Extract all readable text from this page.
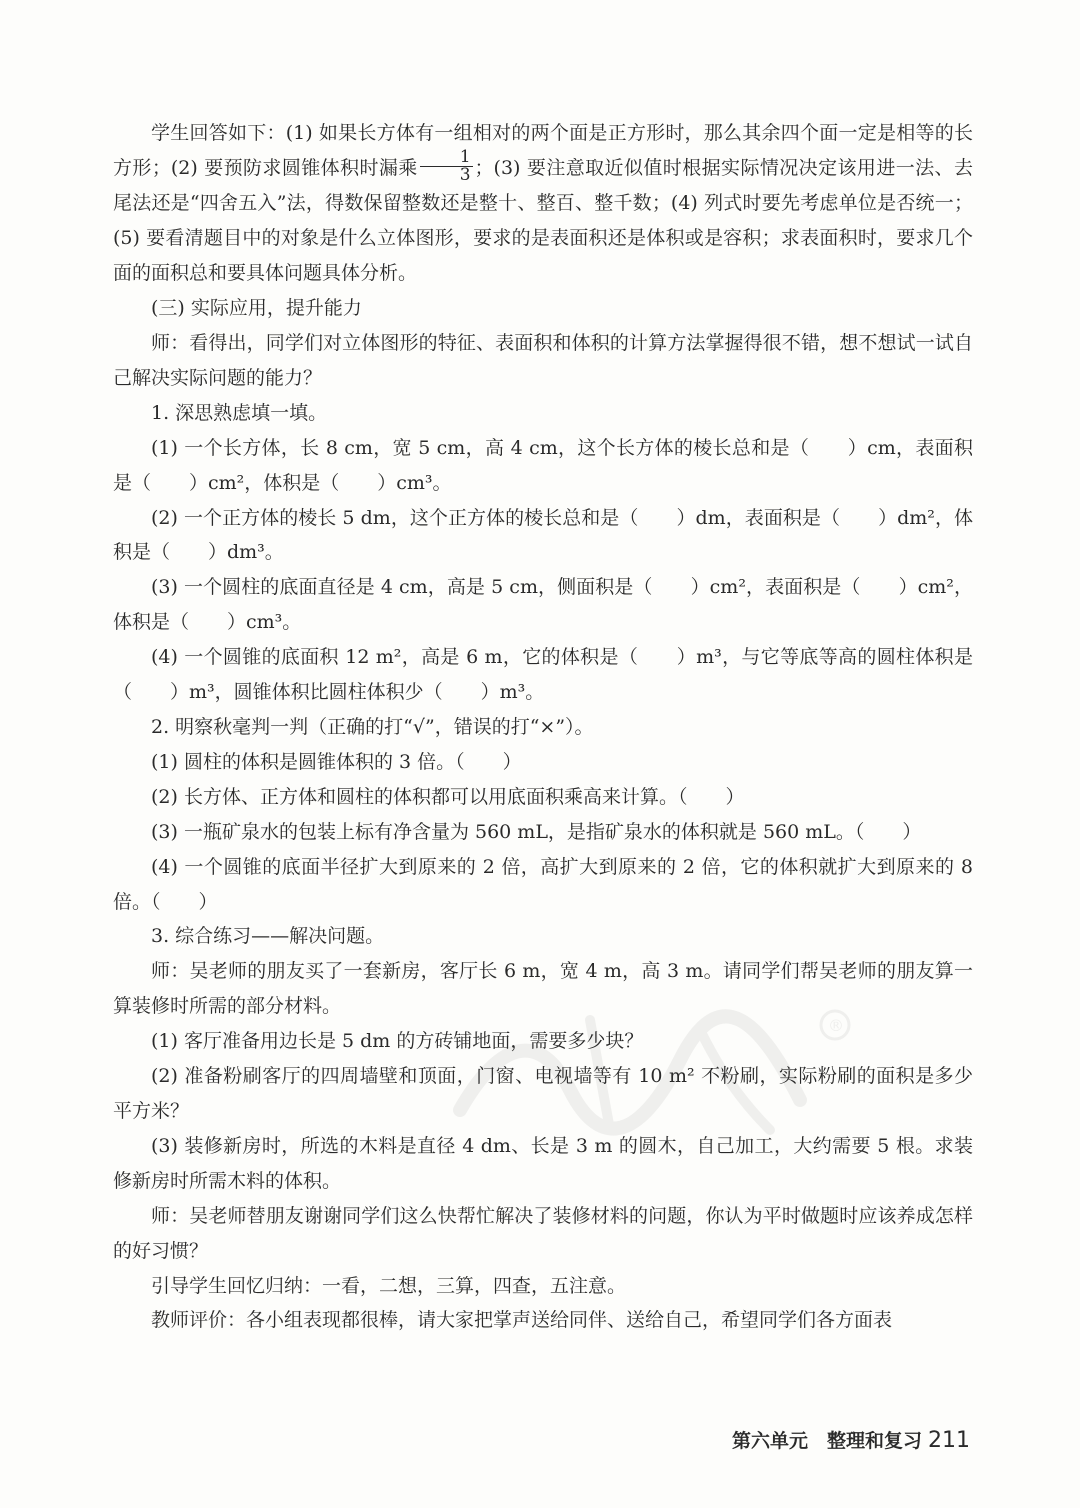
®

学生回答如下：(1) 如果长方体有一组相对的两个面是正方形时，那么其余四个面一定是相等的长方形；(2) 要预防求圆锥体积时漏乘 $\frac{1}{3}$ ；(3) 要注意取近似值时根据实际情况决定该用进一法、去尾法还是“四舍五入”法，得数保留整数还是整十、整百、整千数；(4) 列式时要先考虑单位是否统一；(5) 要看清题目中的对象是什么立体图形，要求的是表面积还是体积或是容积；求表面积时，要求几个面的面积总和要具体问题具体分析。

(三) 实际应用，提升能力

师：看得出，同学们对立体图形的特征、表面积和体积的计算方法掌握得很不错，想不想试一试自己解决实际问题的能力？

1. 深思熟虑填一填。

(1) 一个长方体，长 8 cm，宽 5 cm，高 4 cm，这个长方体的棱长总和是（　　）cm，表面积是（　　）cm²，体积是（　　）cm³。

(2) 一个正方体的棱长 5 dm，这个正方体的棱长总和是（　　）dm，表面积是（　　）dm²，体积是（　　）dm³。

(3) 一个圆柱的底面直径是 4 cm，高是 5 cm，侧面积是（　　）cm²，表面积是（　　）cm²，体积是（　　）cm³。

(4) 一个圆锥的底面积 12 m²，高是 6 m，它的体积是（　　）m³，与它等底等高的圆柱体积是（　　）m³，圆锥体积比圆柱体积少（　　）m³。

2. 明察秋毫判一判（正确的打“√”，错误的打“×”）。

(1) 圆柱的体积是圆锥体积的 3 倍。（　　）

(2) 长方体、正方体和圆柱的体积都可以用底面积乘高来计算。（　　）

(3) 一瓶矿泉水的包装上标有净含量为 560 mL，是指矿泉水的体积就是 560 mL。（　　）

(4) 一个圆锥的底面半径扩大到原来的 2 倍，高扩大到原来的 2 倍，它的体积就扩大到原来的 8 倍。（　　）

3. 综合练习——解决问题。

师：吴老师的朋友买了一套新房，客厅长 6 m，宽 4 m，高 3 m。请同学们帮吴老师的朋友算一算装修时所需的部分材料。

(1) 客厅准备用边长是 5 dm 的方砖铺地面，需要多少块？

(2) 准备粉刷客厅的四周墙壁和顶面，门窗、电视墙等有 10 m² 不粉刷，实际粉刷的面积是多少平方米？

(3) 装修新房时，所选的木料是直径 4 dm、长是 3 m 的圆木，自己加工，大约需要 5 根。求装修新房时所需木料的体积。

师：吴老师替朋友谢谢同学们这么快帮忙解决了装修材料的问题，你认为平时做题时应该养成怎样的好习惯？

引导学生回忆归纳：一看，二想，三算，四查，五注意。

教师评价：各小组表现都很棒，请大家把掌声送给同伴、送给自己，希望同学们各方面表

第六单元　整理和复习 211
